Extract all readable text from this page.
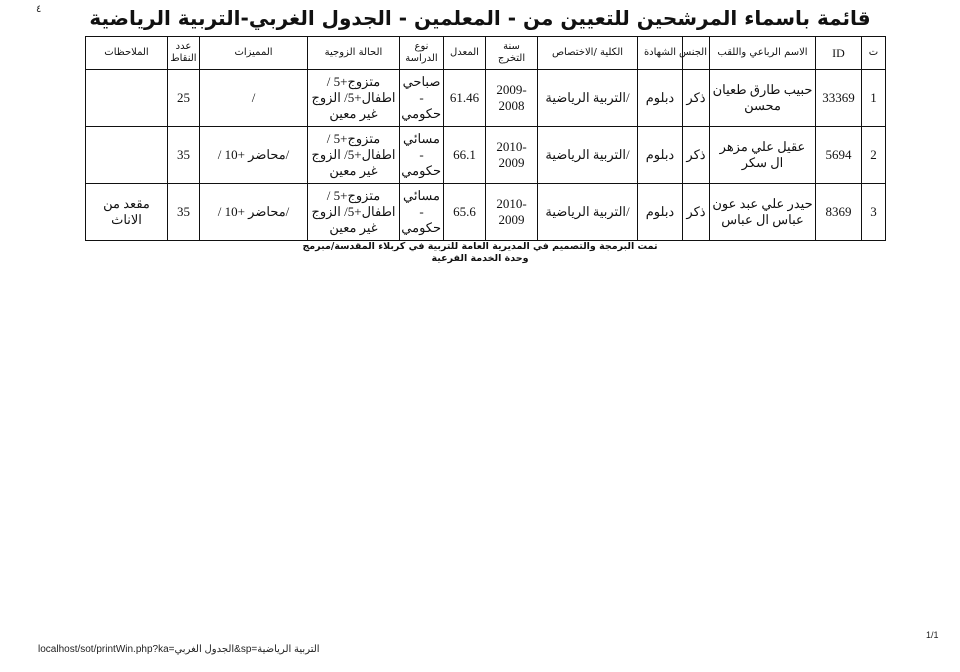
٤	قائمة باسماء المرشحين للتعيين من - المعلمين - الجدول الغربي-التربية الرياضية
ت	ID	الاسم الرباعي واللقب	الجنس	الشهادة	الكلية /الاختصاص	سنة التخرج	المعدل	نوع الدراسة	الحالة الزوجية	المميزات	عدد النقاط	الملاحظات
1	33369	حبيب طارق طعيان محسن	ذكر	دبلوم	/التربية الرياضية	2009-2008	61.46	صباحي - حكومي	متزوج+5 / اطفال+5/ الزوج غير معين	/	25	
2	5694	عقيل علي مزهر ال سكر	ذكر	دبلوم	/التربية الرياضية	2010-2009	66.1	مسائي - حكومي	متزوج+5 / اطفال+5/ الزوج غير معين	/محاضر +10 /	35	
3	8369	حيدر علي عبد عون عباس ال عباس	ذكر	دبلوم	/التربية الرياضية	2010-2009	65.6	مسائي - حكومي	متزوج+5 / اطفال+5/ الزوج غير معين	/محاضر +10 /	35	مقعد من الاناث
تمت البرمجة والتصميم في المديرية العامة للتربية في كربلاء المقدسة/مبرمج وحدة الخدمة الفرعية
1/1
localhost/sot/printWin.php?ka=الجدول الغربي&sp=التربية الرياضية
